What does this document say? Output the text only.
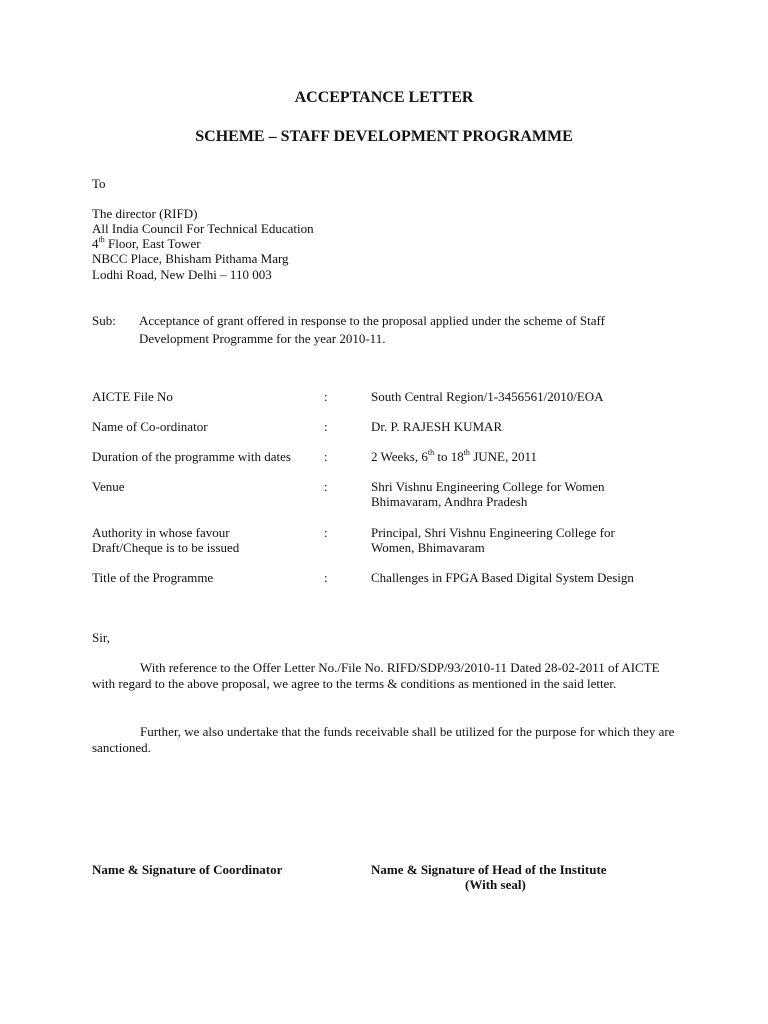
ACCEPTANCE LETTER
SCHEME – STAFF DEVELOPMENT PROGRAMME
To
The director (RIFD)
All India Council For Technical Education
4th Floor, East Tower
NBCC Place, Bhisham Pithama Marg
Lodhi Road, New Delhi – 110 003
Sub: Acceptance of grant offered in response to the proposal applied under the scheme of Staff
Development Programme for the year 2010-11.
AICTE File No	:	South Central Region/1-3456561/2010/EOA
Name of Co-ordinator	:	Dr. P. RAJESH KUMAR
Duration of the programme with dates	:	2 Weeks, 6th to 18th JUNE, 2011
Venue	:	Shri Vishnu Engineering College for Women
Bhimavaram, Andhra Pradesh
Authority in whose favour
Draft/Cheque is to be issued
:	Principal, Shri Vishnu Engineering College for
Women, Bhimavaram
Title of the Programme	:	Challenges in FPGA Based Digital System Design
Sir,
With reference to the Offer Letter No./File No. RIFD/SDP/93/2010-11 Dated 28-02-2011 of AICTE with regard to the above proposal, we agree to the terms & conditions as mentioned in the said letter.
Further, we also undertake that the funds receivable shall be utilized for the purpose for which they are sanctioned.
Name & Signature of Coordinator	Name & Signature of Head of the Institute
(With seal)
